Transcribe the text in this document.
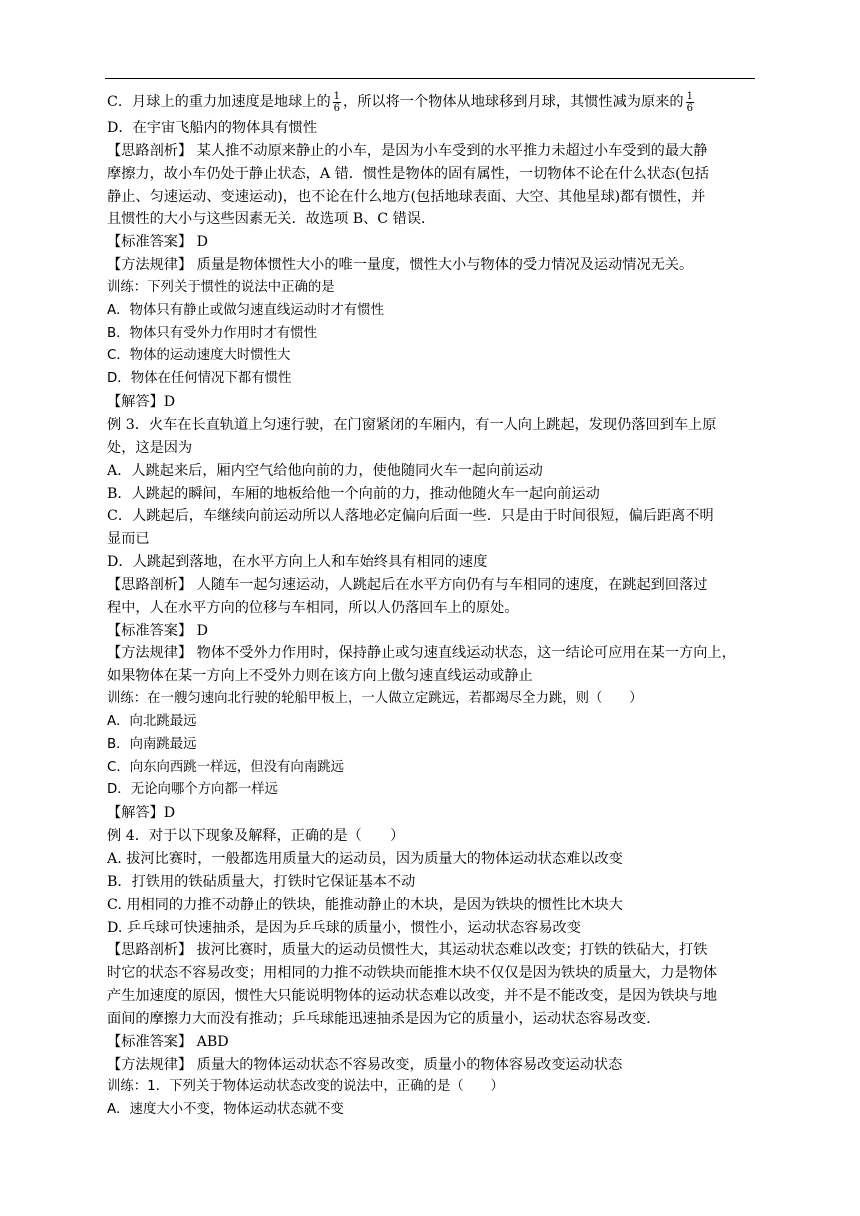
C．月球上的重力加速度是地球上的 $\frac{1}{6}$ ，所以将一个物体从地球移到月球，其惯性减为原来的 $\frac{1}{6}$
D．在宇宙飞船内的物体具有惯性
【思路剖析】 某人推不动原来静止的小车，是因为小车受到的水平推力未超过小车受到的最大静
摩擦力，故小车仍处于静止状态，A 错．惯性是物体的固有属性，一切物体不论在什么状态(包括
静止、匀速运动、变速运动)，也不论在什么地方(包括地球表面、大空、其他星球)都有惯性，并
且惯性的大小与这些因素无关．故选项 B、C 错误．
【标准答案】 D
【方法规律】 质量是物体惯性大小的唯一量度，惯性大小与物体的受力情况及运动情况无关。
训练：下列关于惯性的说法中正确的是
A．物体只有静止或做匀速直线运动时才有惯性
B．物体只有受外力作用时才有惯性
C．物体的运动速度大时惯性大
D．物体在任何情况下都有惯性
【解答】D
例 3．火车在长直轨道上匀速行驶，在门窗紧闭的车厢内，有一人向上跳起，发现仍落回到车上原
处，这是因为
A．人跳起来后，厢内空气给他向前的力，使他随同火车一起向前运动
B．人跳起的瞬间，车厢的地板给他一个向前的力，推动他随火车一起向前运动
C．人跳起后，车继续向前运动所以人落地必定偏向后面一些．只是由于时间很短，偏后距离不明
显而已
D．人跳起到落地，在水平方向上人和车始终具有相同的速度
【思路剖析】 人随车一起匀速运动，人跳起后在水平方向仍有与车相同的速度，在跳起到回落过
程中，人在水平方向的位移与车相同，所以人仍落回车上的原处。
【标准答案】 D
【方法规律】 物体不受外力作用时，保持静止或匀速直线运动状态，这一结论可应用在某一方向上，
如果物体在某一方向上不受外力则在该方向上傲匀速直线运动或静止
训练：在一艘匀速向北行驶的轮船甲板上，一人做立定跳远，若都竭尽全力跳，则（　　）
A．向北跳最远
B．向南跳最远
C．向东向西跳一样远，但没有向南跳远
D．无论向哪个方向都一样远
【解答】D
例 4．对于以下现象及解释，正确的是（　　）
A. 拔河比赛时，一般都选用质量大的运动员，因为质量大的物体运动状态难以改变
B．打铁用的铁砧质量大，打铁时它保证基本不动
C. 用相同的力推不动静止的铁块，能推动静止的木块，是因为铁块的惯性比木块大
D. 乒乓球可快速抽杀，是因为乒乓球的质量小，惯性小，运动状态容易改变
【思路剖析】 拔河比赛时，质量大的运动员惯性大，其运动状态难以改变；打铁的铁砧大，打铁
时它的状态不容易改变；用相同的力推不动铁块而能推木块不仅仅是因为铁块的质量大，力是物体
产生加速度的原因，惯性大只能说明物体的运动状态难以改变，并不是不能改变，是因为铁块与地
面间的摩擦力大而没有推动；乒乓球能迅速抽杀是因为它的质量小，运动状态容易改变.
【标准答案】 ABD
【方法规律】 质量大的物体运动状态不容易改变，质量小的物体容易改变运动状态
训练：1．下列关于物体运动状态改变的说法中，正确的是（　　）
A．速度大小不变，物体运动状态就不变
